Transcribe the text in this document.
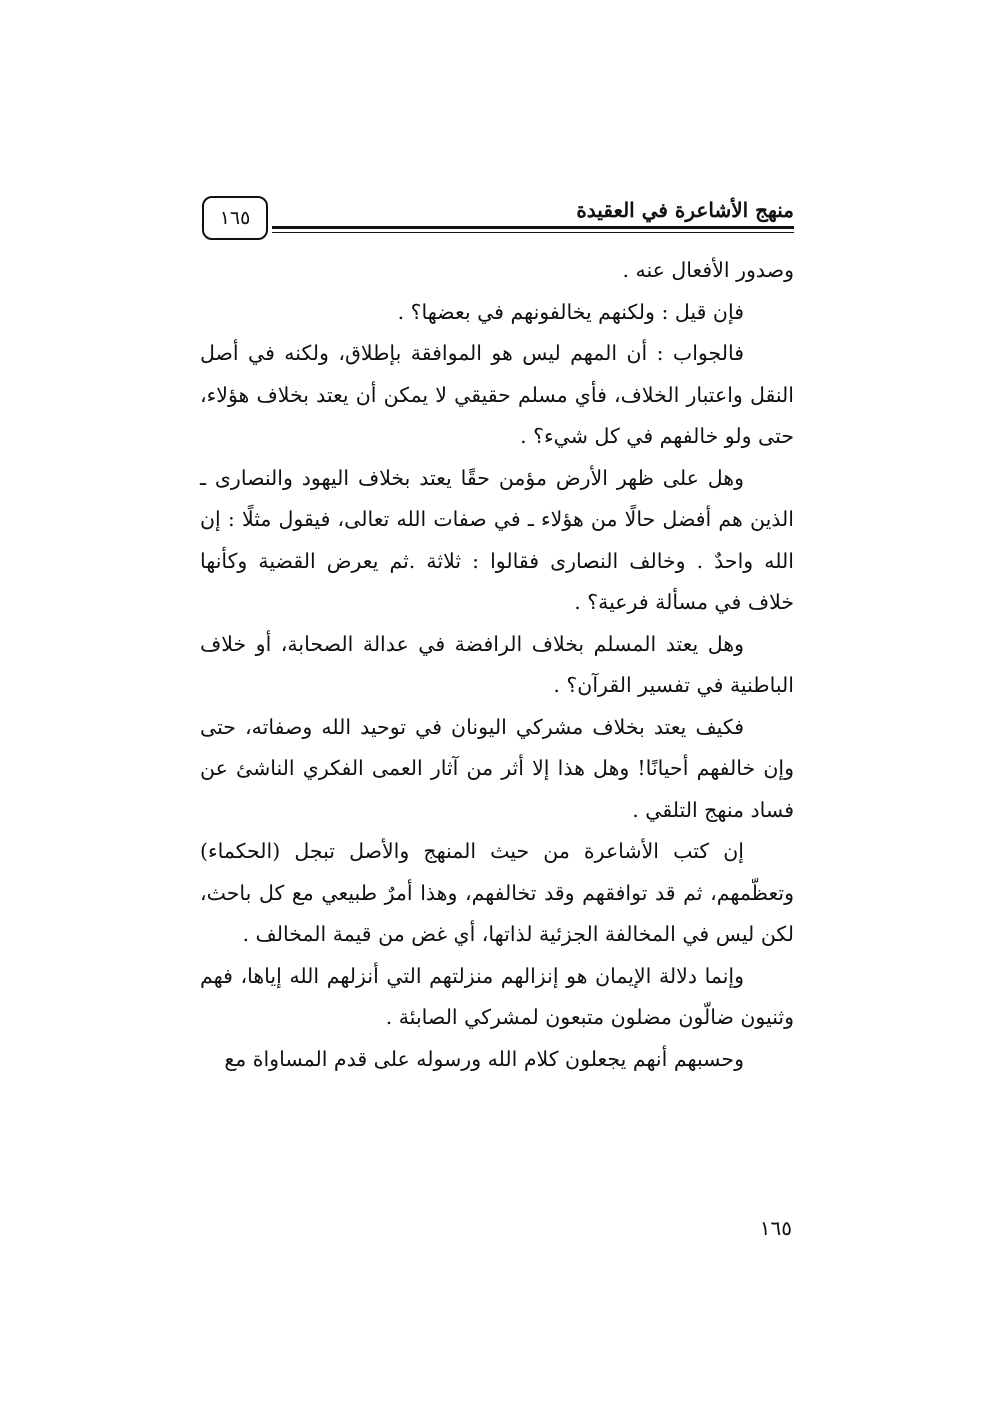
١٦٥	منهج الأشاعرة في العقيدة

وصدور الأفعال عنه .

فإن قيل : ولكنهم يخالفونهم في بعضها؟ .

فالجواب : أن المهم ليس هو الموافقة بإطلاق، ولكنه في أصل النقل واعتبار الخلاف، فأي مسلم حقيقي لا يمكن أن يعتد بخلاف هؤلاء، حتى ولو خالفهم في كل شيء؟ .

وهل على ظهر الأرض مؤمن حقًا يعتد بخلاف اليهود والنصارى ـ الذين هم أفضل حالًا من هؤلاء ـ في صفات الله تعالى، فيقول مثلًا : إن الله واحدٌ . وخالف النصارى فقالوا : ثلاثة .ثم يعرض القضية وكأنها خلاف في مسألة فرعية؟ .

وهل يعتد المسلم بخلاف الرافضة في عدالة الصحابة، أو خلاف الباطنية في تفسير القرآن؟ .

فكيف يعتد بخلاف مشركي اليونان في توحيد الله وصفاته، حتى وإن خالفهم أحيانًا! وهل هذا إلا أثر من آثار العمى الفكري الناشئ عن فساد منهج التلقي .

إن كتب الأشاعرة من حيث المنهج والأصل تبجل (الحكماء) وتعظّمهم، ثم قد توافقهم وقد تخالفهم، وهذا أمرٌ طبيعي مع كل باحث، لكن ليس في المخالفة الجزئية لذاتها، أي غض من قيمة المخالف .

وإنما دلالة الإيمان هو إنزالهم منزلتهم التي أنزلهم الله إياها، فهم وثنيون ضالّون مضلون متبعون لمشركي الصابئة .

وحسبهم أنهم يجعلون كلام الله ورسوله على قدم المساواة مع

١٦٥
